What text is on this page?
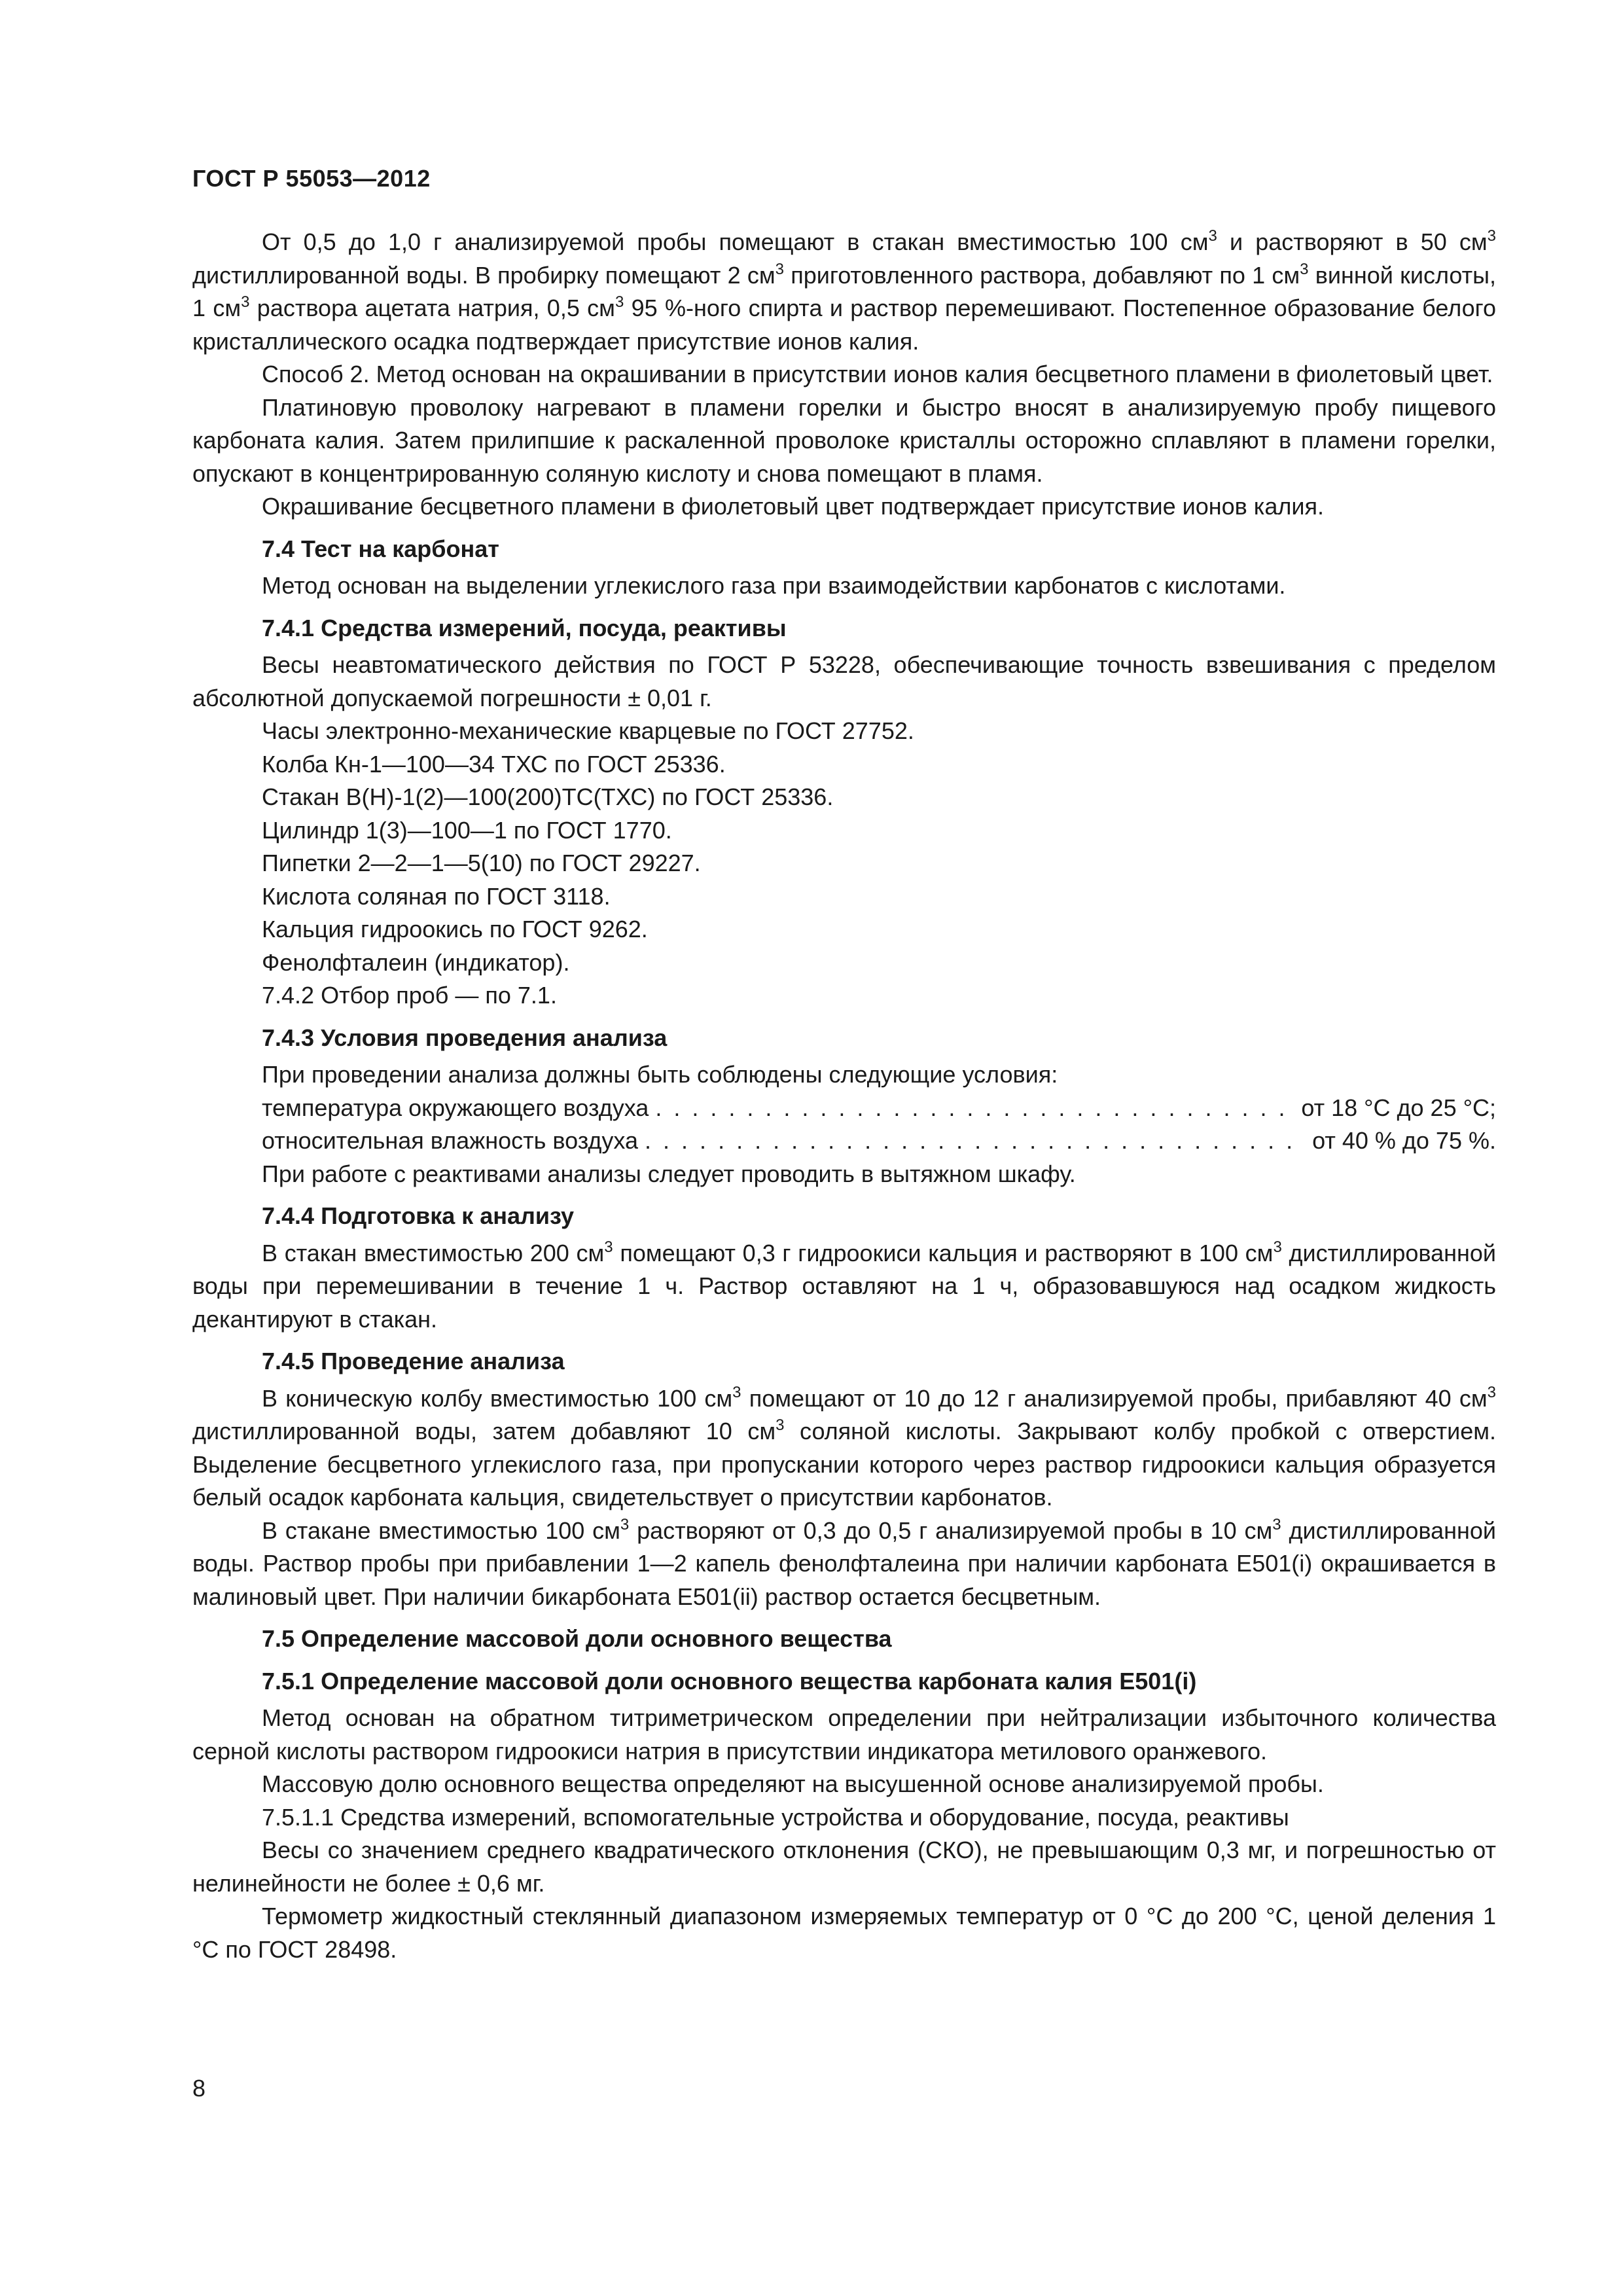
ГОСТ Р 55053—2012

От 0,5 до 1,0 г анализируемой пробы помещают в стакан вместимостью 100 $см^3$ и растворяют в 50 $см^3$ дистиллированной воды. В пробирку помещают 2 $см^3$ приготовленного раствора, добавляют по 1 $см^3$ винной кислоты, 1 $см^3$ раствора ацетата натрия, 0,5 $см^3$ 95 %-ного спирта и раствор перемешивают. Постепенное образование белого кристаллического осадка подтверждает присутствие ионов калия.

Способ 2. Метод основан на окрашивании в присутствии ионов калия бесцветного пламени в фиолетовый цвет.

Платиновую проволоку нагревают в пламени горелки и быстро вносят в анализируемую пробу пищевого карбоната калия. Затем прилипшие к раскаленной проволоке кристаллы осторожно сплавляют в пламени горелки, опускают в концентрированную соляную кислоту и снова помещают в пламя.

Окрашивание бесцветного пламени в фиолетовый цвет подтверждает присутствие ионов калия.

7.4 Тест на карбонат

Метод основан на выделении углекислого газа при взаимодействии карбонатов с кислотами.

7.4.1 Средства измерений, посуда, реактивы

Весы неавтоматического действия по ГОСТ Р 53228, обеспечивающие точность взвешивания с пределом абсолютной допускаемой погрешности ± 0,01 г.

Часы электронно-механические кварцевые по ГОСТ 27752.
Колба Кн-1—100—34 ТХС по ГОСТ 25336.
Стакан В(Н)-1(2)—100(200)ТС(ТХС) по ГОСТ 25336.
Цилиндр 1(3)—100—1 по ГОСТ 1770.
Пипетки 2—2—1—5(10) по ГОСТ 29227.
Кислота соляная по ГОСТ 3118.
Кальция гидроокись по ГОСТ 9262.
Фенолфталеин (индикатор).
7.4.2 Отбор проб — по 7.1.
7.4.3 Условия проведения анализа
При проведении анализа должны быть соблюдены следующие условия:
температура окружающего воздуха . . .	от 18 °С до 25 °С;
относительная влажность воздуха . . .	от 40 % до 75 %.
При работе с реактивами анализы следует проводить в вытяжном шкафу.
7.4.4 Подготовка к анализу

В стакан вместимостью 200 $см^3$ помещают 0,3 г гидроокиси кальция и растворяют в 100 $см^3$ дистиллированной воды при перемешивании в течение 1 ч. Раствор оставляют на 1 ч, образовавшуюся над осадком жидкость декантируют в стакан.

7.4.5 Проведение анализа

В коническую колбу вместимостью 100 $см^3$ помещают от 10 до 12 г анализируемой пробы, прибавляют 40 $см^3$ дистиллированной воды, затем добавляют 10 $см^3$ соляной кислоты. Закрывают колбу пробкой с отверстием. Выделение бесцветного углекислого газа, при пропускании которого через раствор гидроокиси кальция образуется белый осадок карбоната кальция, свидетельствует о присутствии карбонатов.

В стакане вместимостью 100 $см^3$ растворяют от 0,3 до 0,5 г анализируемой пробы в 10 $см^3$ дистиллированной воды. Раствор пробы при прибавлении 1—2 капель фенолфталеина при наличии карбоната Е501(i) окрашивается в малиновый цвет. При наличии бикарбоната Е501(ii) раствор остается бесцветным.

7.5 Определение массовой доли основного вещества
7.5.1 Определение массовой доли основного вещества карбоната калия Е501(i)

Метод основан на обратном титриметрическом определении при нейтрализации избыточного количества серной кислоты раствором гидроокиси натрия в присутствии индикатора метилового оранжевого.

Массовую долю основного вещества определяют на высушенной основе анализируемой пробы.

7.5.1.1 Средства измерений, вспомогательные устройства и оборудование, посуда, реактивы

Весы со значением среднего квадратического отклонения (СКО), не превышающим 0,3 мг, и погрешностью от нелинейности не более ± 0,6 мг.

Термометр жидкостный стеклянный диапазоном измеряемых температур от 0 °С до 200 °С, ценой деления 1 °С по ГОСТ 28498.

8
